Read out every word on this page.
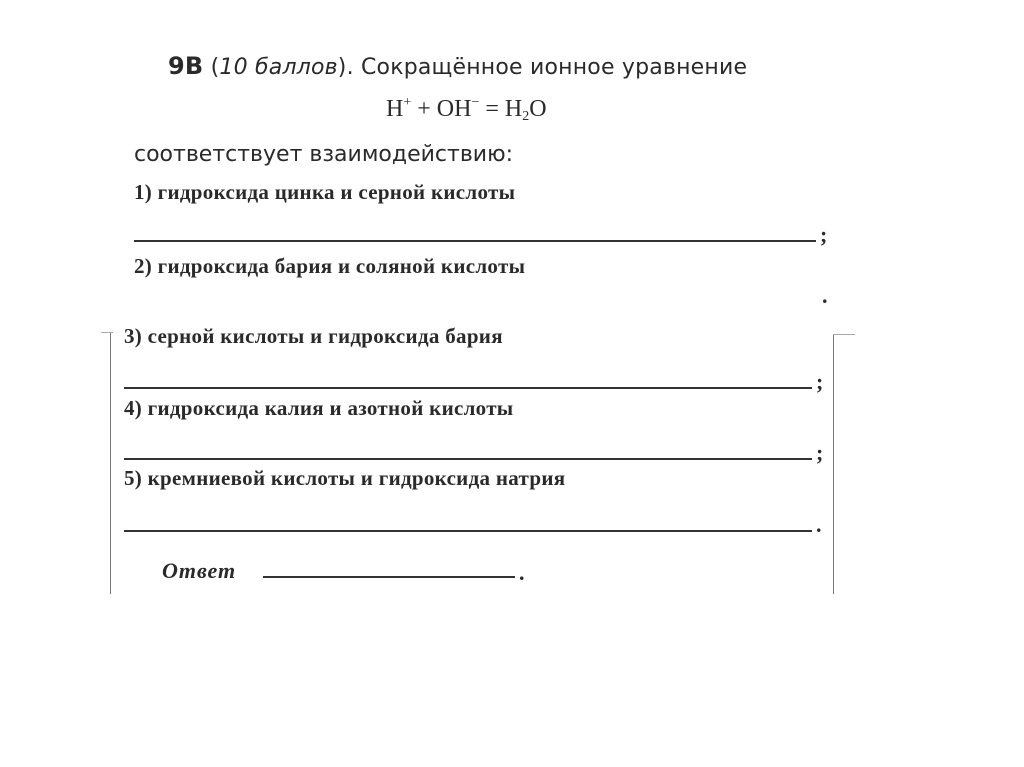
9В (10 баллов). Сокращённое ионное уравнение
$H^+ + OH^- = H_2O$
соответствует взаимодействию:
1) гидроксида цинка и серной кислоты
;
2) гидроксида бария и соляной кислоты
.
3) серной кислоты и гидроксида бария
;
4) гидроксида калия и азотной кислоты
;
5) кремниевой кислоты и гидроксида натрия
.
Ответ	.
